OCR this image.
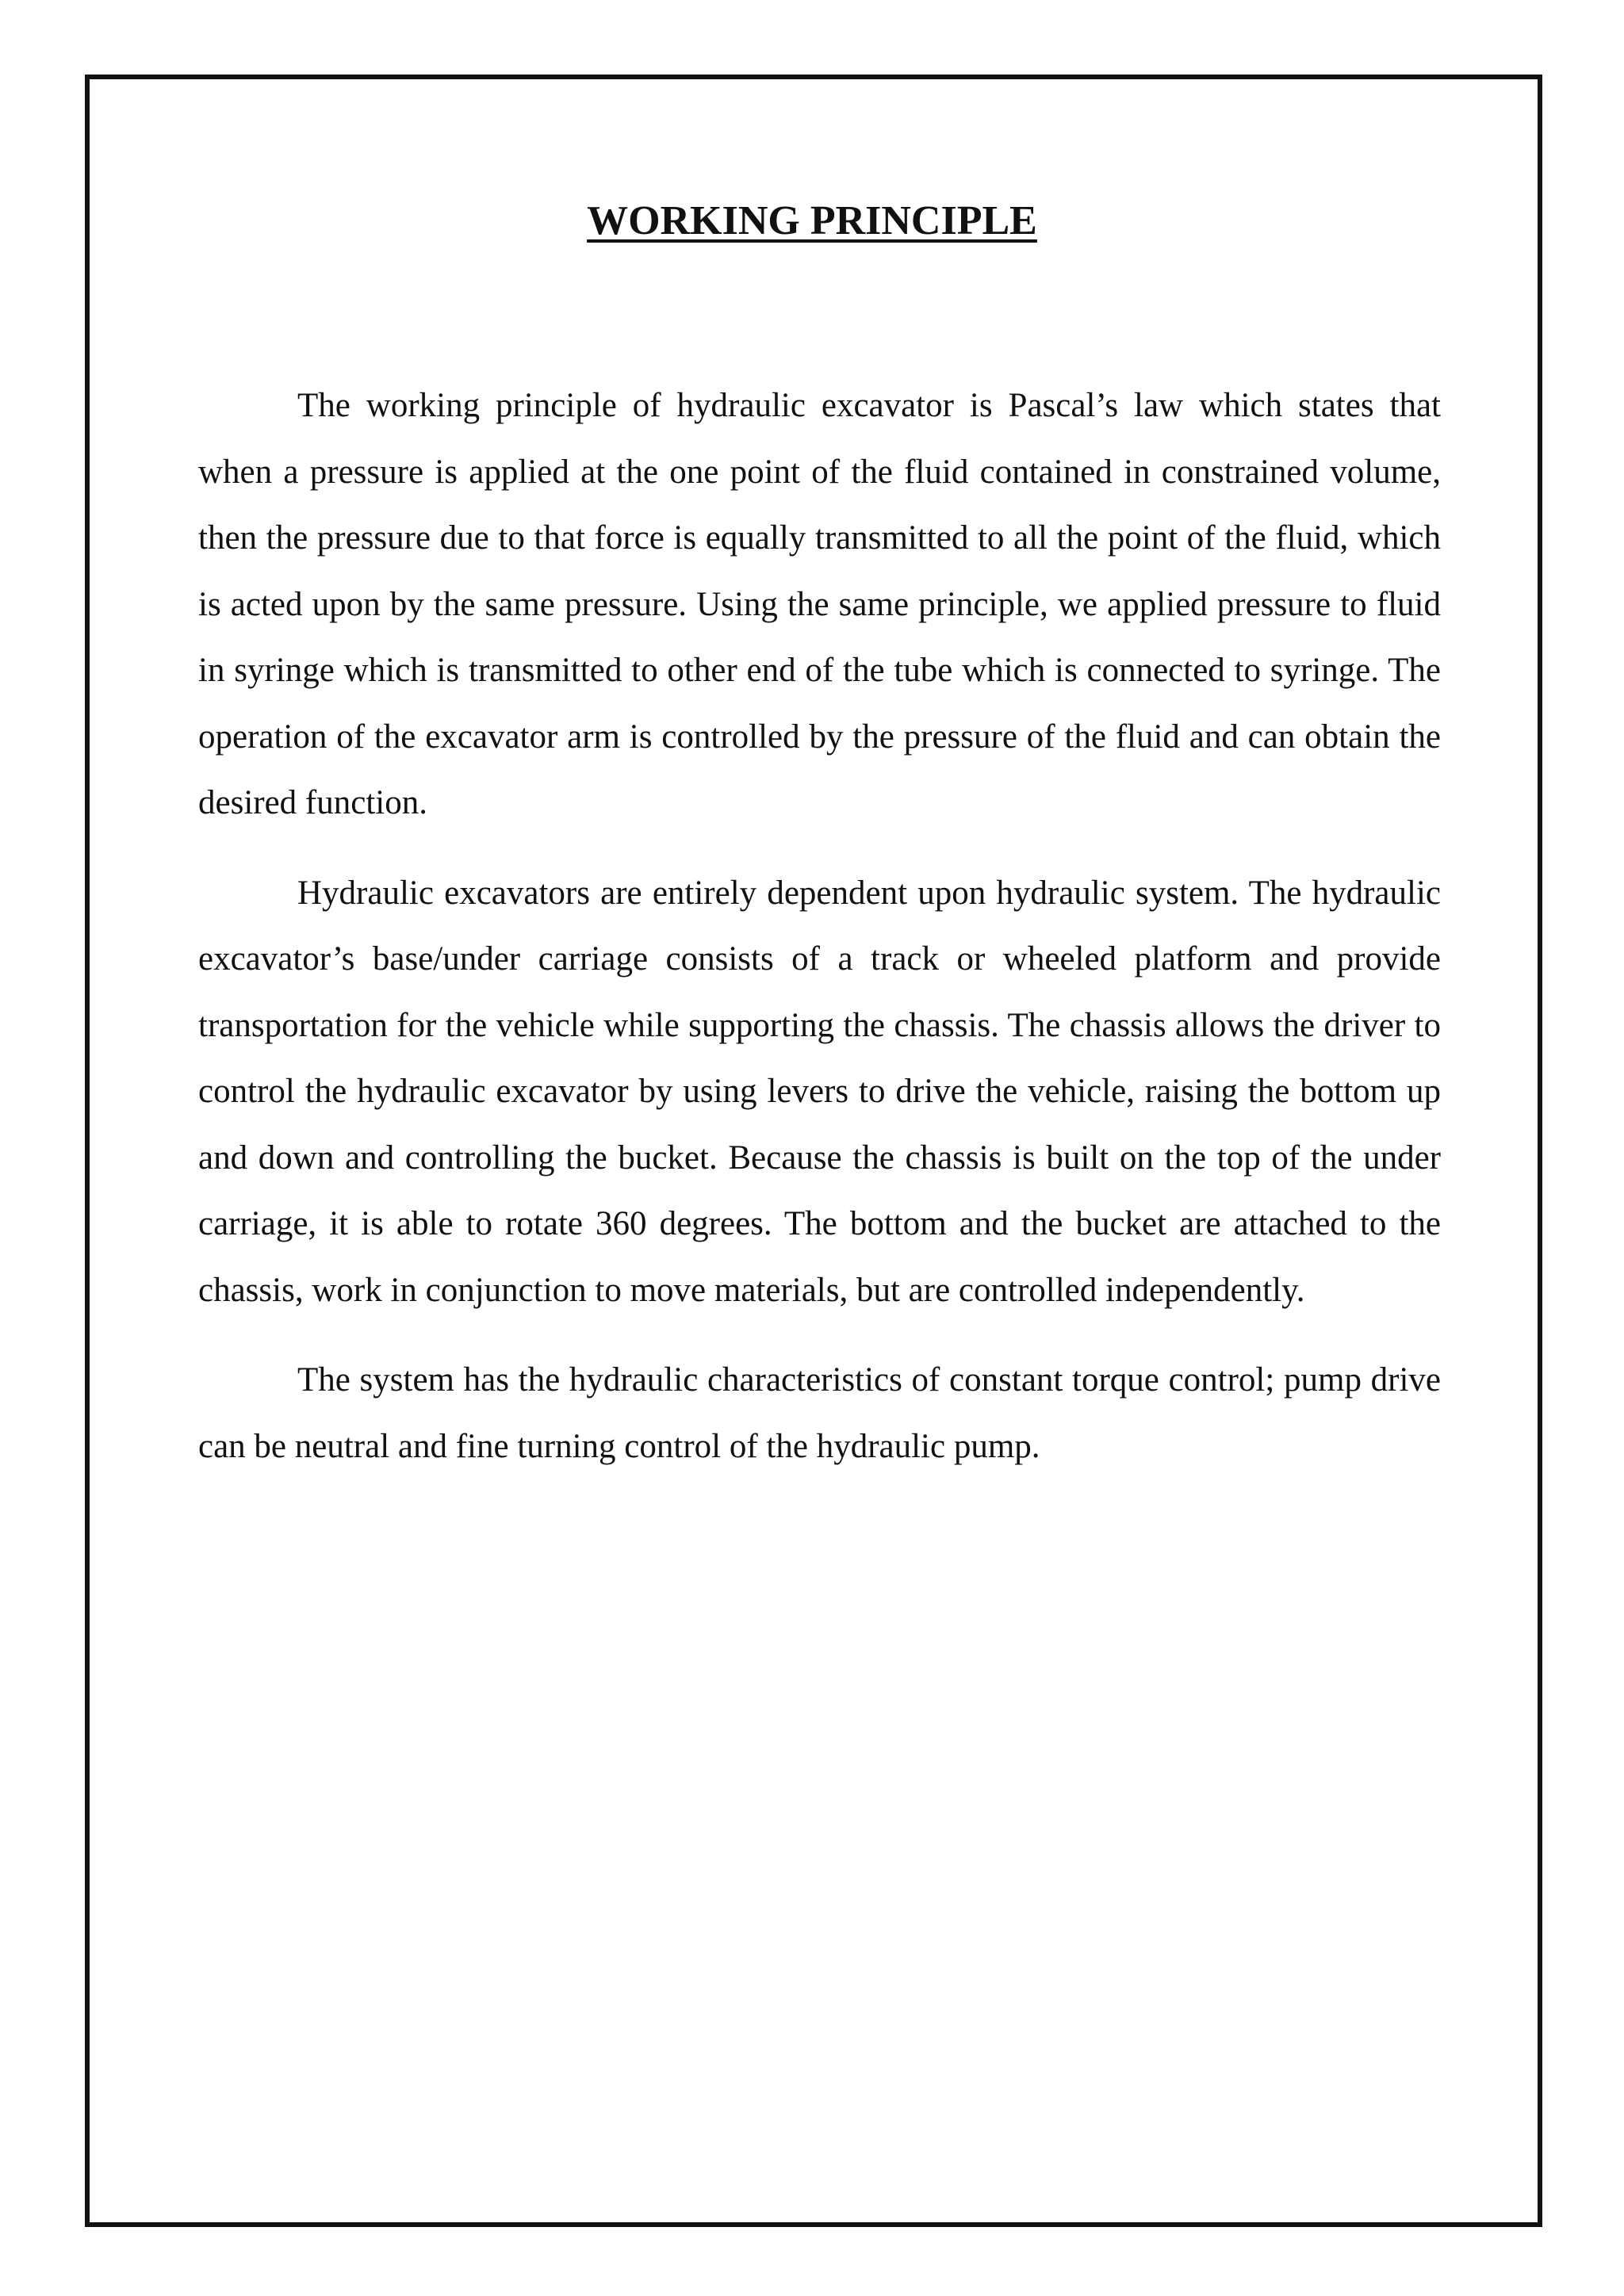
WORKING PRINCIPLE

The working principle of hydraulic excavator is Pascal’s law which states that when a pressure is applied at the one point of the fluid contained in constrained volume, then the pressure due to that force is equally transmitted to all the point of the fluid, which is acted upon by the same pressure. Using the same principle, we applied pressure to fluid in syringe which is transmitted to other end of the tube which is connected to syringe. The operation of the excavator arm is controlled by the pressure of the fluid and can obtain the desired function.

Hydraulic excavators are entirely dependent upon hydraulic system. The hydraulic excavator’s base/under carriage consists of a track or wheeled platform and provide transportation for the vehicle while supporting the chassis. The chassis allows the driver to control the hydraulic excavator by using levers to drive the vehicle, raising the bottom up and down and controlling the bucket. Because the chassis is built on the top of the under carriage, it is able to rotate 360 degrees. The bottom and the bucket are attached to the chassis, work in conjunction to move materials, but are controlled independently.

The system has the hydraulic characteristics of constant torque control; pump drive can be neutral and fine turning control of the hydraulic pump.
